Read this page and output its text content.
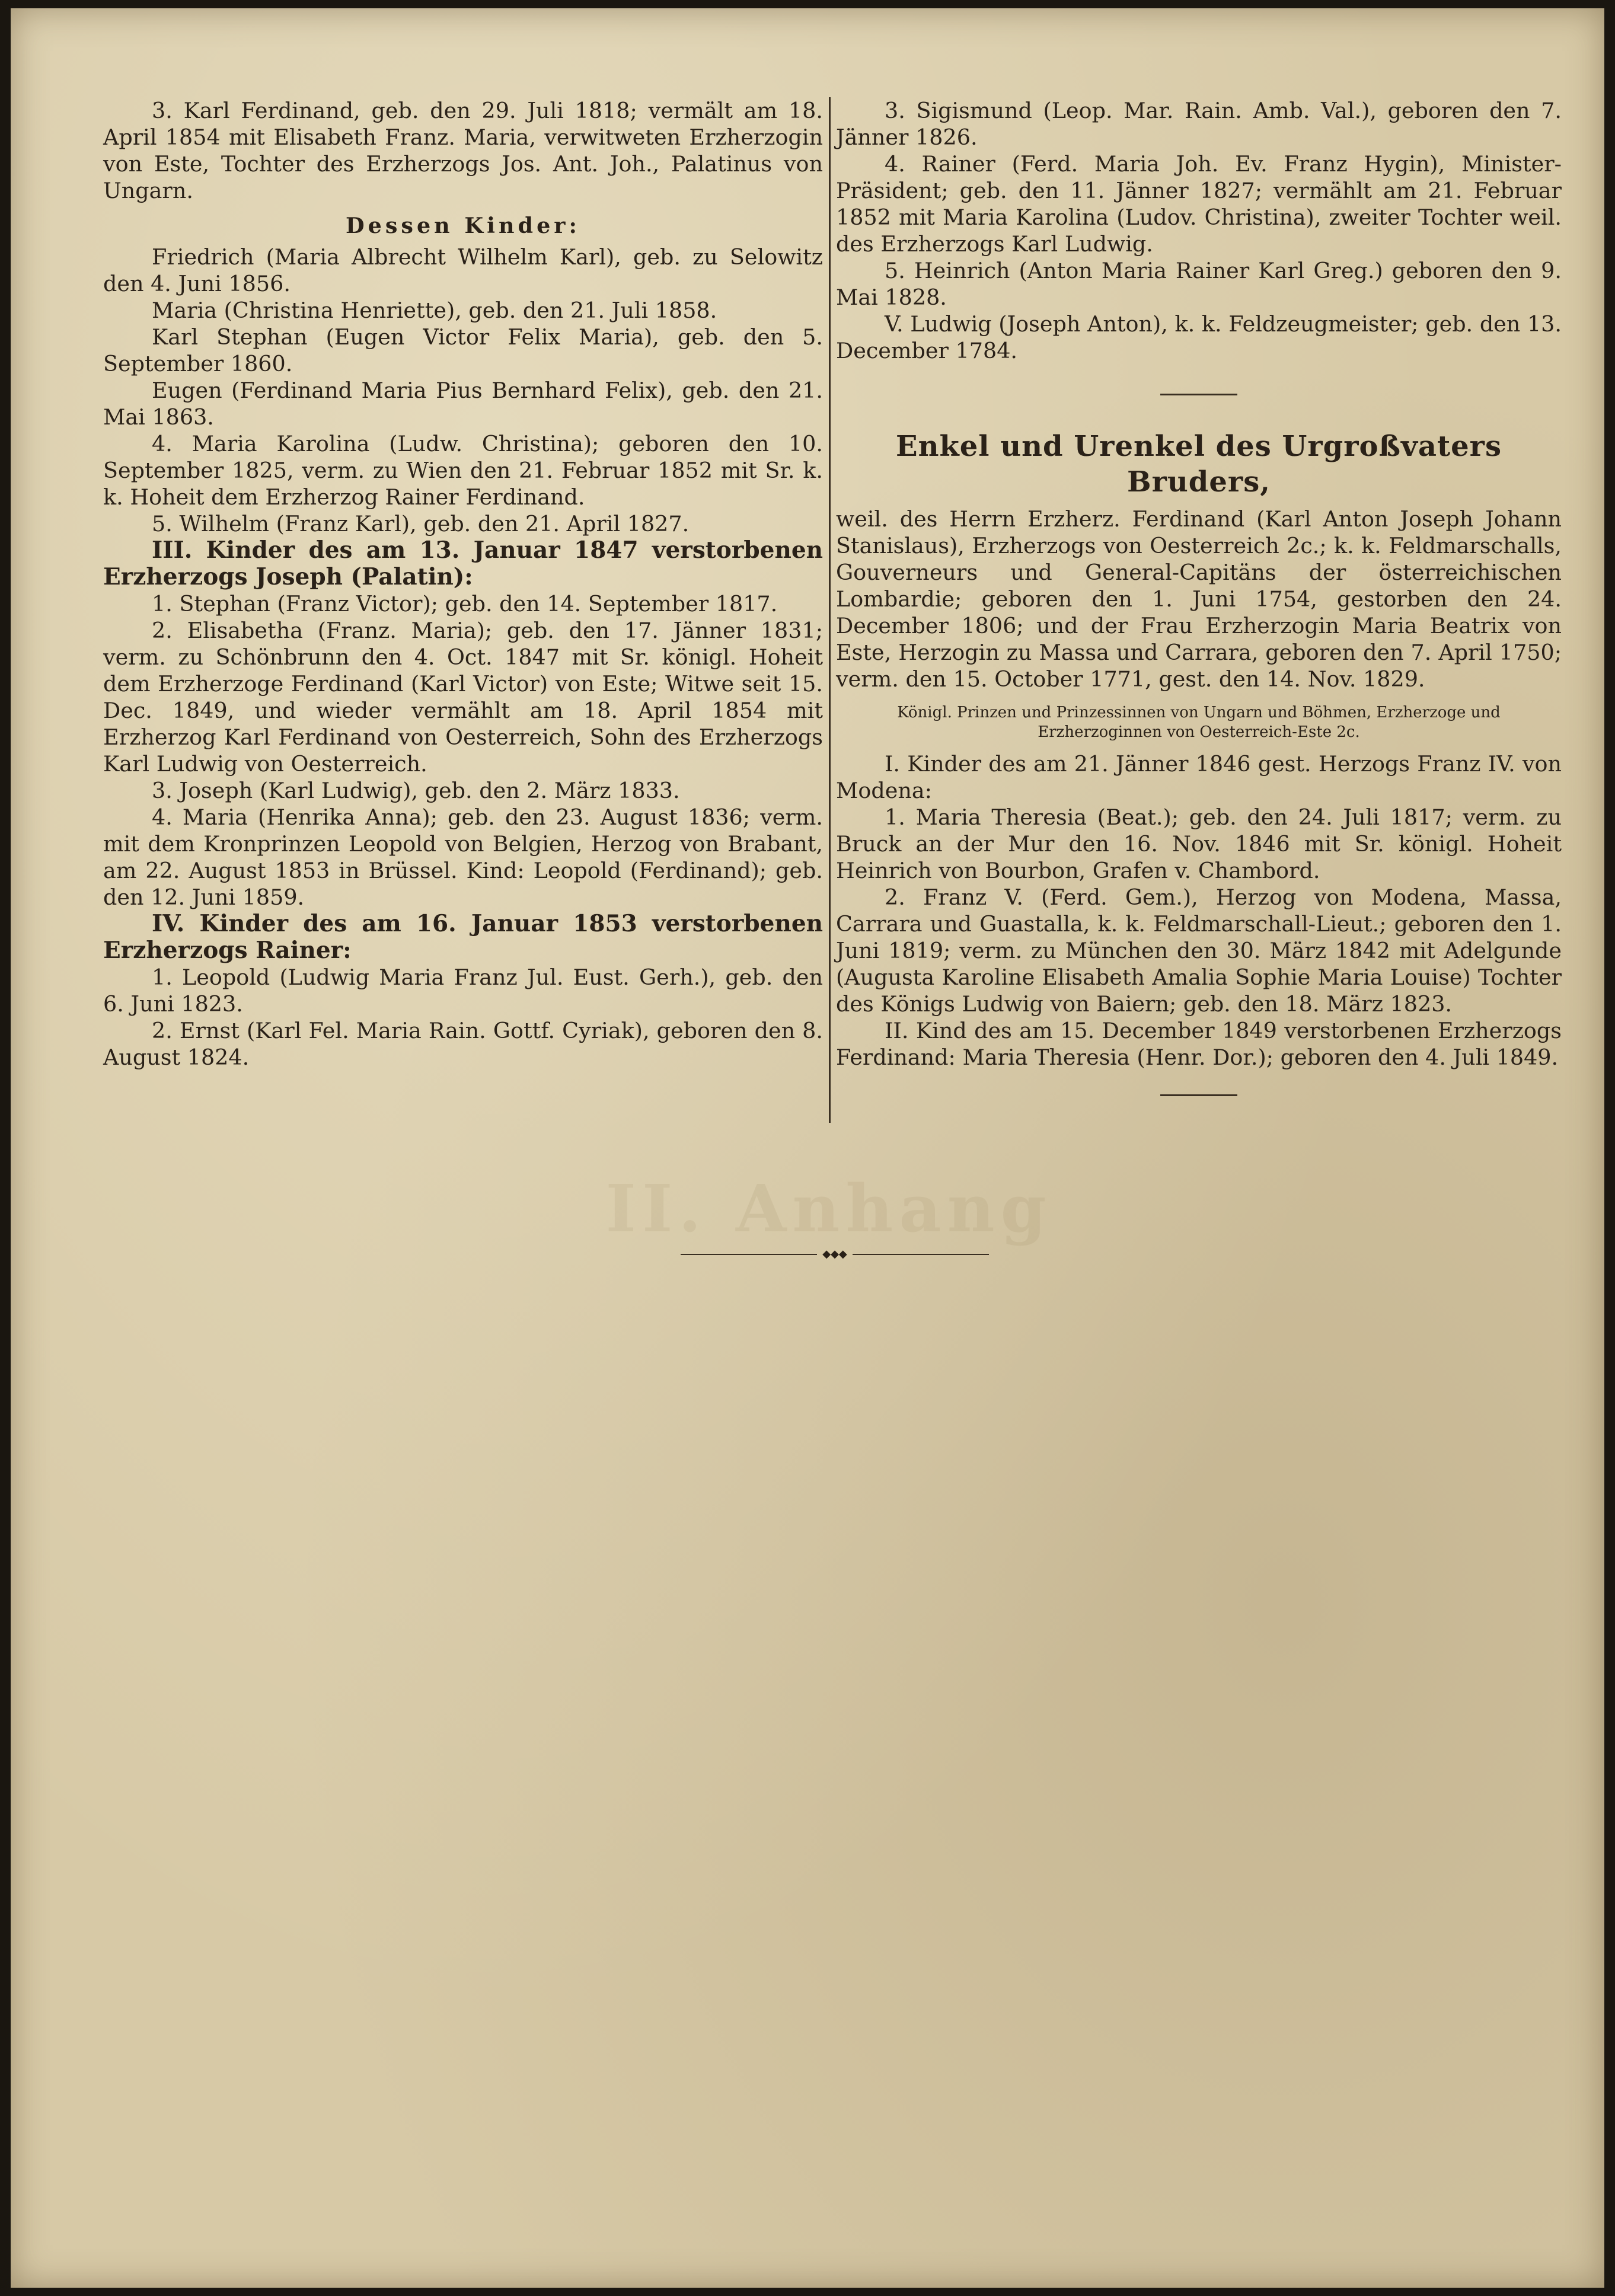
II. Anhang

3. Karl Ferdinand, geb. den 29. Juli 1818; vermält am 18. April 1854 mit Elisabeth Franz. Maria, verwitweten Erzherzogin von Este, Tochter des Erzherzogs Jos. Ant. Joh., Palatinus von Ungarn.

Dessen Kinder:

Friedrich (Maria Albrecht Wilhelm Karl), geb. zu Selowitz den 4. Juni 1856.

Maria (Christina Henriette), geb. den 21. Juli 1858.

Karl Stephan (Eugen Victor Felix Maria), geb. den 5. September 1860.

Eugen (Ferdinand Maria Pius Bernhard Felix), geb. den 21. Mai 1863.

4. Maria Karolina (Ludw. Christina); geboren den 10. September 1825, verm. zu Wien den 21. Februar 1852 mit Sr. k. k. Hoheit dem Erzherzog Rainer Ferdinand.

5. Wilhelm (Franz Karl), geb. den 21. April 1827.

III. Kinder des am 13. Januar 1847 verstorbenen Erzherzogs Joseph (Palatin):

1. Stephan (Franz Victor); geb. den 14. September 1817.

2. Elisabetha (Franz. Maria); geb. den 17. Jänner 1831; verm. zu Schönbrunn den 4. Oct. 1847 mit Sr. königl. Hoheit dem Erzherzoge Ferdinand (Karl Victor) von Este; Witwe seit 15. Dec. 1849, und wieder vermählt am 18. April 1854 mit Erzherzog Karl Ferdinand von Oesterreich, Sohn des Erzherzogs Karl Ludwig von Oesterreich.

3. Joseph (Karl Ludwig), geb. den 2. März 1833.

4. Maria (Henrika Anna); geb. den 23. August 1836; verm. mit dem Kronprinzen Leopold von Belgien, Herzog von Brabant, am 22. August 1853 in Brüssel. Kind: Leopold (Ferdinand); geb. den 12. Juni 1859.

IV. Kinder des am 16. Januar 1853 verstorbenen Erzherzogs Rainer:

1. Leopold (Ludwig Maria Franz Jul. Eust. Gerh.), geb. den 6. Juni 1823.

2. Ernst (Karl Fel. Maria Rain. Gottf. Cyriak), geboren den 8. August 1824.

3. Sigismund (Leop. Mar. Rain. Amb. Val.), geboren den 7. Jänner 1826.

4. Rainer (Ferd. Maria Joh. Ev. Franz Hygin), Minister-Präsident; geb. den 11. Jänner 1827; vermählt am 21. Februar 1852 mit Maria Karolina (Ludov. Christina), zweiter Tochter weil. des Erzherzogs Karl Ludwig.

5. Heinrich (Anton Maria Rainer Karl Greg.) geboren den 9. Mai 1828.

V. Ludwig (Joseph Anton), k. k. Feldzeugmeister; geb. den 13. December 1784.

Enkel und Urenkel des Urgroßvaters Bruders,

weil. des Herrn Erzherz. Ferdinand (Karl Anton Joseph Johann Stanislaus), Erzherzogs von Oesterreich 2c.; k. k. Feldmarschalls, Gouverneurs und General-Capitäns der österreichischen Lombardie; geboren den 1. Juni 1754, gestorben den 24. December 1806; und der Frau Erzherzogin Maria Beatrix von Este, Herzogin zu Massa und Carrara, geboren den 7. April 1750; verm. den 15. October 1771, gest. den 14. Nov. 1829.

Königl. Prinzen und Prinzessinnen von Ungarn und Böhmen, Erzherzoge und Erzherzoginnen von Oesterreich-Este 2c.

I. Kinder des am 21. Jänner 1846 gest. Herzogs Franz IV. von Modena:

1. Maria Theresia (Beat.); geb. den 24. Juli 1817; verm. zu Bruck an der Mur den 16. Nov. 1846 mit Sr. königl. Hoheit Heinrich von Bourbon, Grafen v. Chambord.

2. Franz V. (Ferd. Gem.), Herzog von Modena, Massa, Carrara und Guastalla, k. k. Feldmarschall-Lieut.; geboren den 1. Juni 1819; verm. zu München den 30. März 1842 mit Adelgunde (Augusta Karoline Elisabeth Amalia Sophie Maria Louise) Tochter des Königs Ludwig von Baiern; geb. den 18. März 1823.

II. Kind des am 15. December 1849 verstorbenen Erzherzogs Ferdinand: Maria Theresia (Henr. Dor.); geboren den 4. Juli 1849.

◆◆◆
